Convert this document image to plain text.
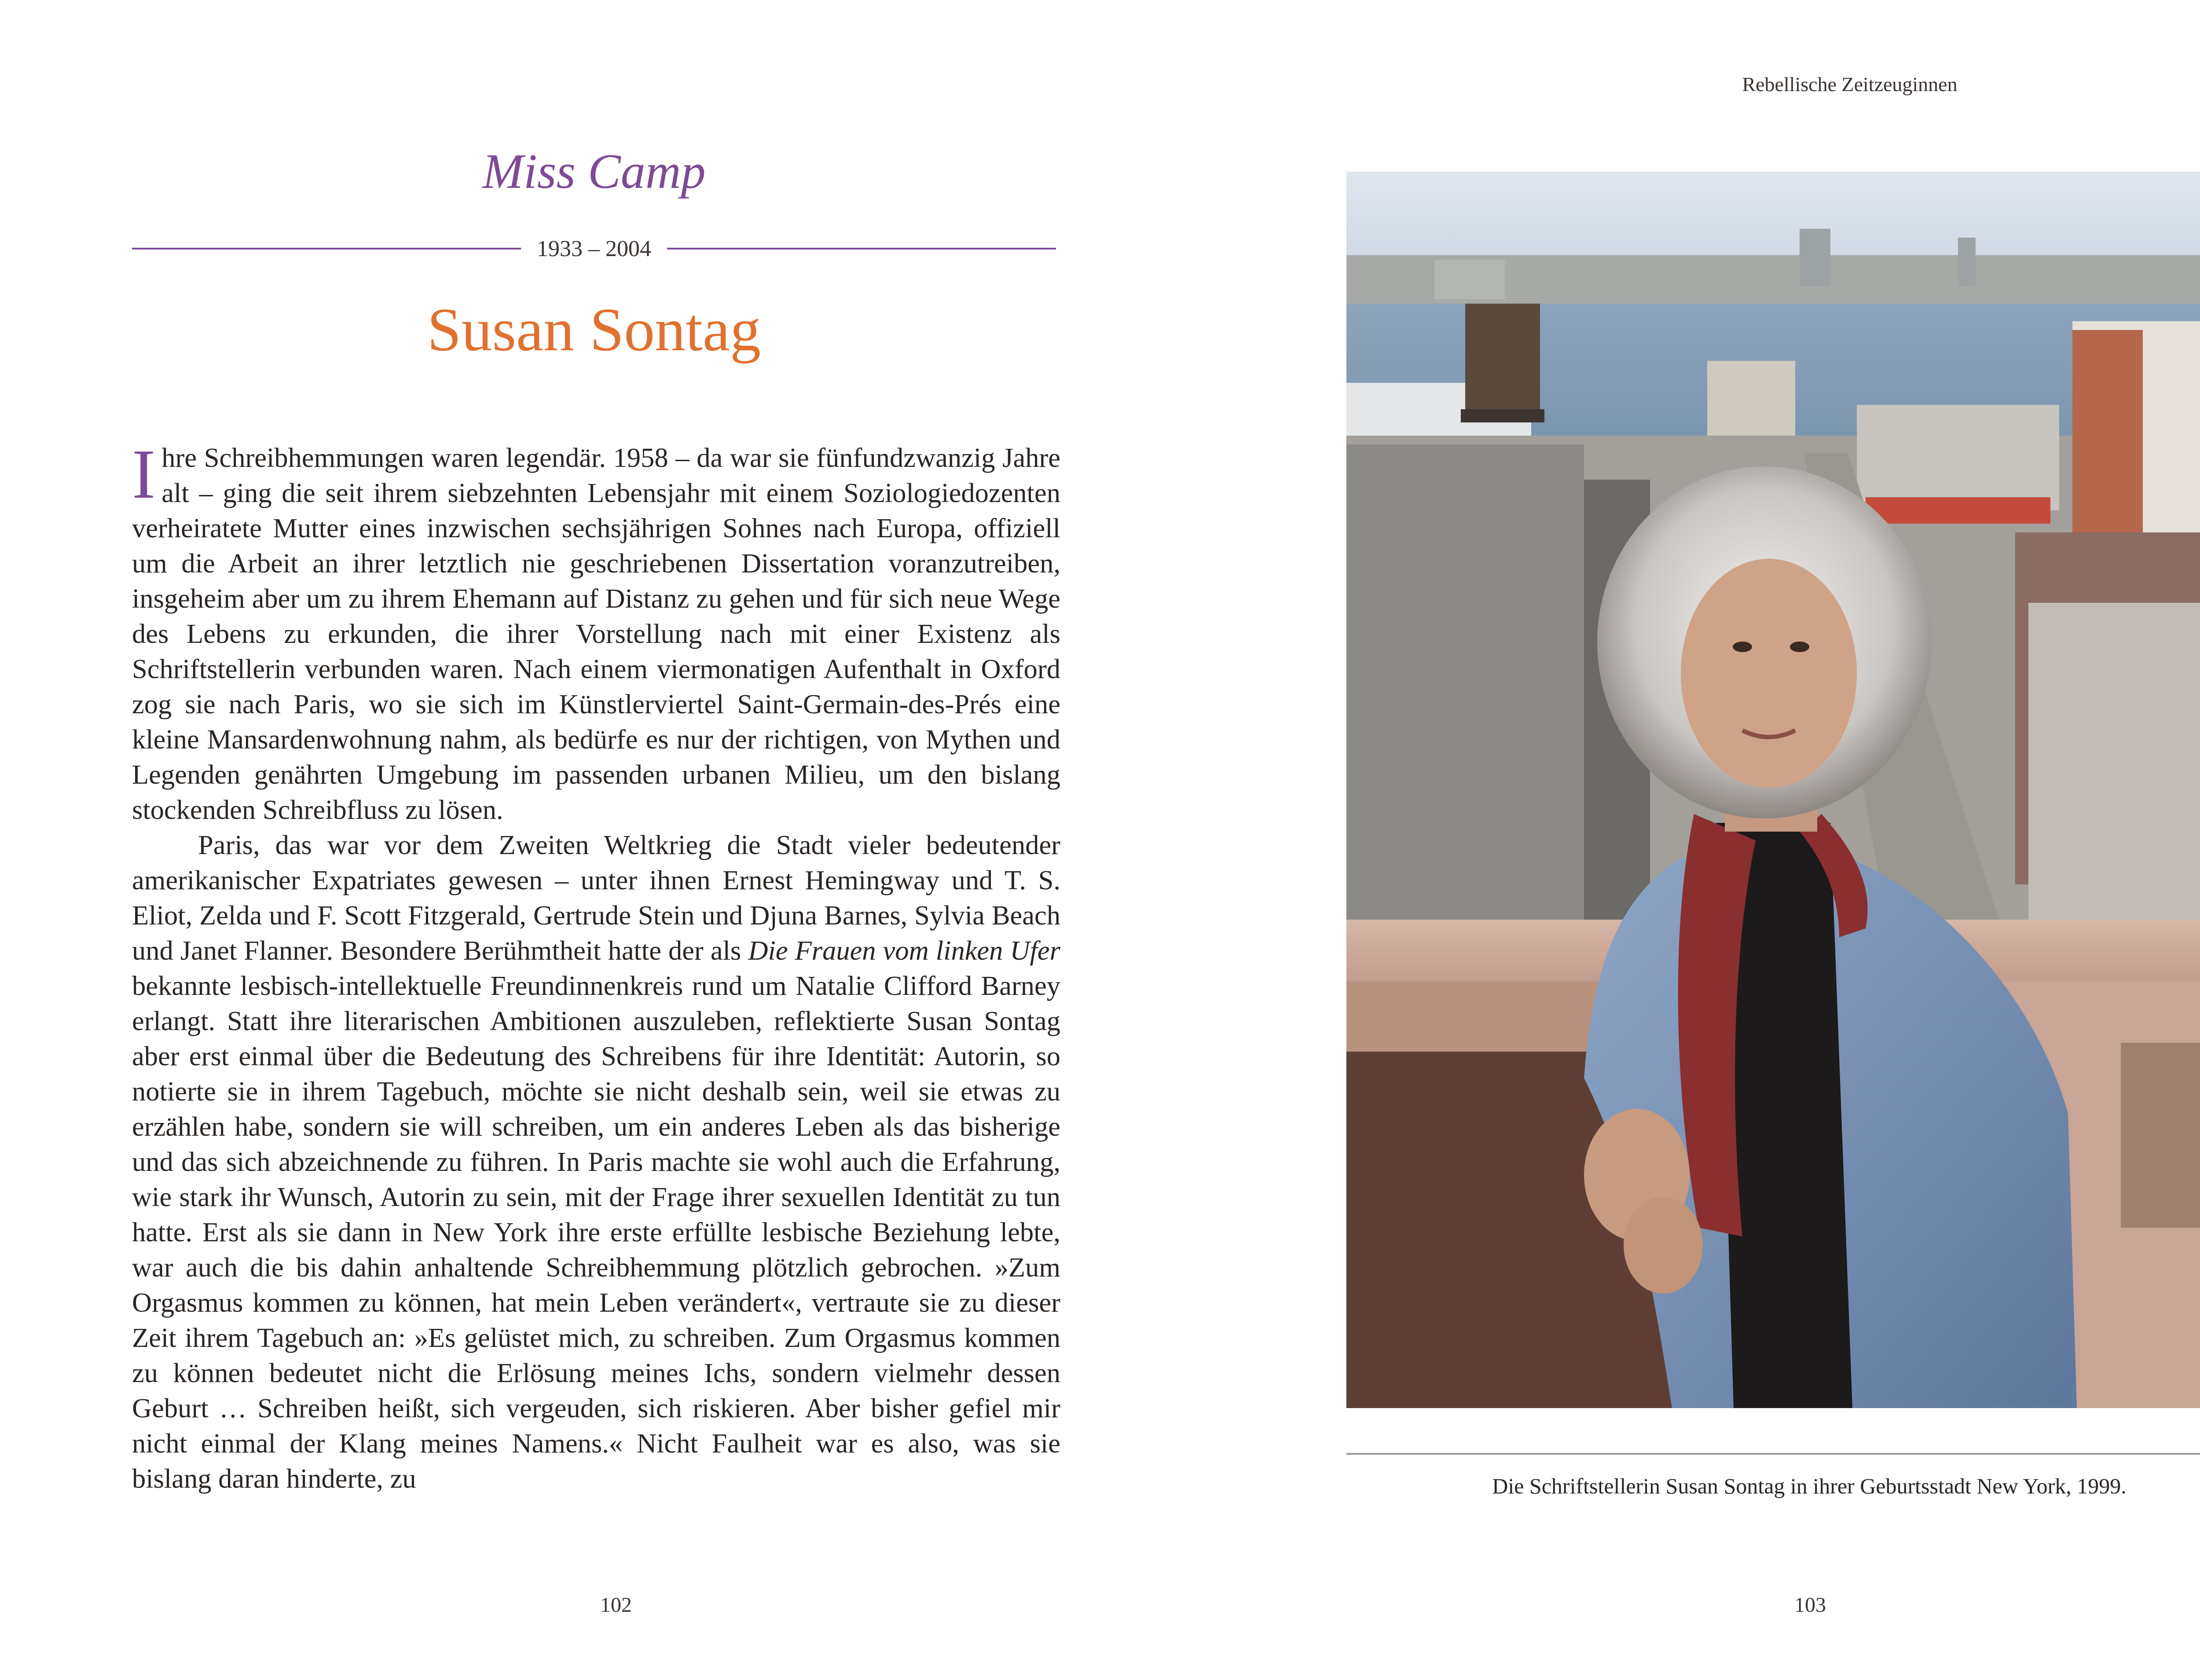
Miss Camp
1933 – 2004
Susan Sontag

Ihre Schreibhemmungen waren legendär. 1958 – da war sie fünfundzwanzig Jahre alt – ging die seit ihrem siebzehnten Lebensjahr mit einem Soziologiedozenten verheiratete Mutter eines inzwischen sechsjährigen Sohnes nach Europa, offiziell um die Arbeit an ihrer letztlich nie geschriebenen Dissertation voranzutreiben, insgeheim aber um zu ihrem Ehemann auf Distanz zu gehen und für sich neue Wege des Lebens zu erkunden, die ihrer Vorstellung nach mit einer Existenz als Schriftstellerin verbunden waren. Nach einem viermonatigen Aufenthalt in Oxford zog sie nach Paris, wo sie sich im Künstlerviertel Saint-Germain-des-Prés eine kleine Mansardenwohnung nahm, als bedürfe es nur der richtigen, von Mythen und Legenden genährten Umgebung im passenden urbanen Milieu, um den bislang stockenden Schreibfluss zu lösen.

Paris, das war vor dem Zweiten Weltkrieg die Stadt vieler bedeutender amerikanischer Expatriates gewesen – unter ihnen Ernest Hemingway und T. S. Eliot, Zelda und F. Scott Fitzgerald, Gertrude Stein und Djuna Barnes, Sylvia Beach und Janet Flanner. Besondere Berühmtheit hatte der als Die Frauen vom linken Ufer bekannte lesbisch-intellektuelle Freundinnenkreis rund um Natalie Clifford Barney erlangt. Statt ihre literarischen Ambitionen auszuleben, reflektierte Susan Sontag aber erst einmal über die Bedeutung des Schreibens für ihre Identität: Autorin, so notierte sie in ihrem Tagebuch, möchte sie nicht deshalb sein, weil sie etwas zu erzählen habe, sondern sie will schreiben, um ein anderes Leben als das bisherige und das sich abzeichnende zu führen. In Paris machte sie wohl auch die Erfahrung, wie stark ihr Wunsch, Autorin zu sein, mit der Frage ihrer sexuellen Identität zu tun hatte. Erst als sie dann in New York ihre erste erfüllte lesbische Beziehung lebte, war auch die bis dahin anhaltende Schreibhemmung plötzlich gebrochen. »Zum Orgasmus kommen zu können, hat mein Leben verändert«, vertraute sie zu dieser Zeit ihrem Tagebuch an: »Es gelüstet mich, zu schreiben. Zum Orgasmus kommen zu können bedeutet nicht die Erlösung meines Ichs, sondern vielmehr dessen Geburt … Schreiben heißt, sich vergeuden, sich riskieren. Aber bisher gefiel mir nicht einmal der Klang meines Namens.« Nicht Faulheit war es also, was sie bislang daran hinderte, zu

102
Rebellische Zeitzeuginnen
Die Schriftstellerin Susan Sontag in ihrer Geburtsstadt New York, 1999.
103
